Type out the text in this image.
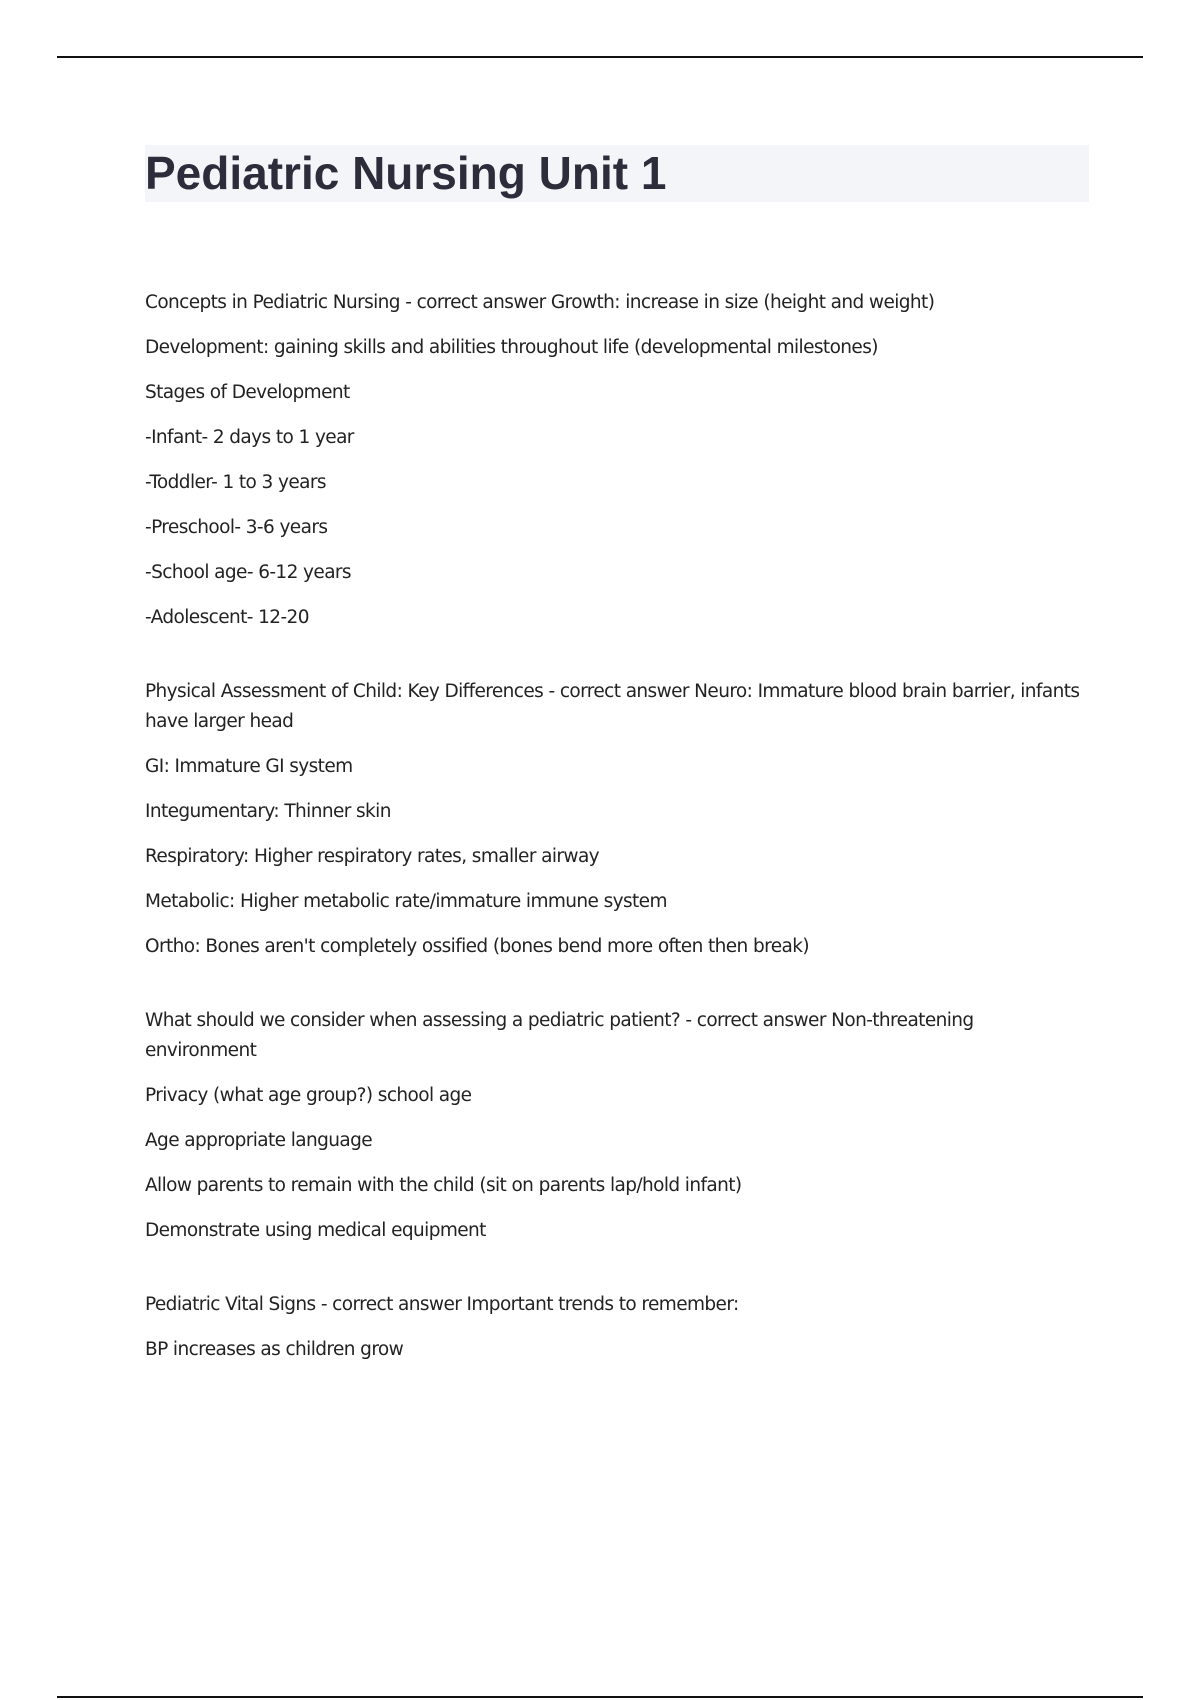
Pediatric Nursing Unit 1

Concepts in Pediatric Nursing - correct answer Growth: increase in size (height and weight)

Development: gaining skills and abilities throughout life (developmental milestones)

Stages of Development

-Infant- 2 days to 1 year

-Toddler- 1 to 3 years

-Preschool- 3-6 years

-School age- 6-12 years

-Adolescent- 12-20

Physical Assessment of Child: Key Differences - correct answer Neuro: Immature blood brain barrier, infants have larger head

GI: Immature GI system

Integumentary: Thinner skin

Respiratory: Higher respiratory rates, smaller airway

Metabolic: Higher metabolic rate/immature immune system

Ortho: Bones aren't completely ossified (bones bend more often then break)

What should we consider when assessing a pediatric patient? - correct answer Non-threatening environment

Privacy (what age group?) school age

Age appropriate language

Allow parents to remain with the child (sit on parents lap/hold infant)

Demonstrate using medical equipment

Pediatric Vital Signs - correct answer Important trends to remember:

BP increases as children grow
